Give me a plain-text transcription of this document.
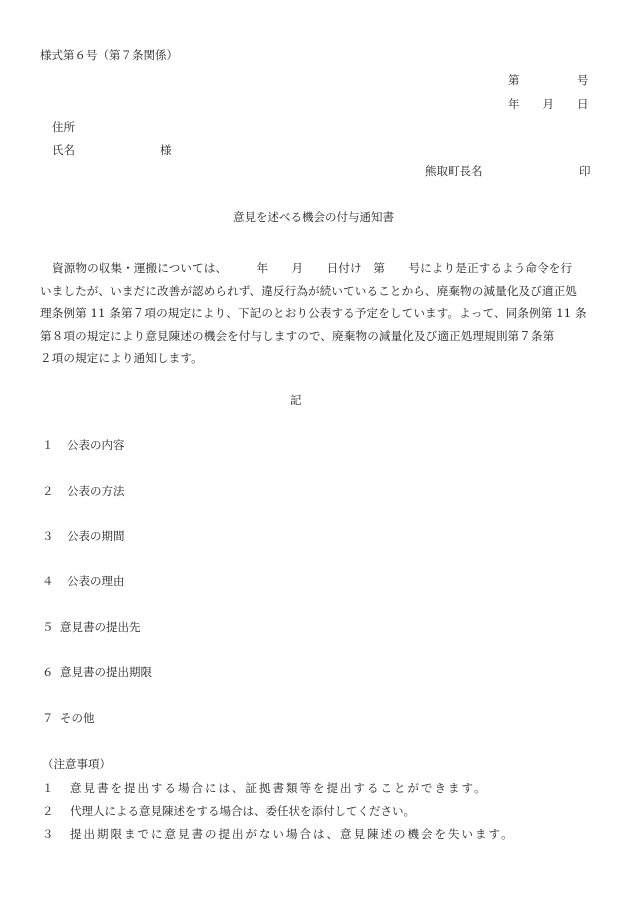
様式第６号（第７条関係）
第　　　　　号
年　　月　　日
住所
氏名	様
熊取町長名	印
意見を述べる機会の付与通知書
資源物の収集・運搬については、　　　年　　月　　日付け　第　　号により是正するよう命令を行
いましたが、いまだに改善が認められず、違反行為が続いていることから、廃棄物の減量化及び適正処
理条例第 11 条第７項の規定により、下記のとおり公表する予定をしています。よって、同条例第 11 条
第８項の規定により意見陳述の機会を付与しますので、廃棄物の減量化及び適正処理規則第７条第
２項の規定により通知します。
記
１ 公表の内容
２ 公表の方法
３ 公表の期間
４ 公表の理由
５ 意見書の提出先
６ 意見書の提出期限
７ その他
（注意事項）
１ 意見書を提出する場合には、証拠書類等を提出することができます。
２ 代理人による意見陳述をする場合は、委任状を添付してください。
３ 提出期限までに意見書の提出がない場合は、意見陳述の機会を失います。
